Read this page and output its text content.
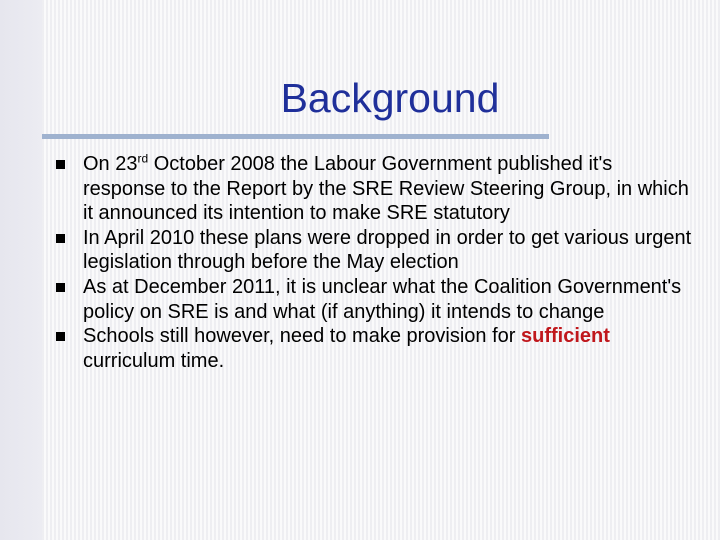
Background
On 23rd October 2008 the Labour Government published it's response to the Report by the SRE Review Steering Group, in which it announced its intention to make SRE statutory
In April 2010 these plans were dropped in order to get various urgent legislation through before the May election
As at December 2011, it is unclear what the Coalition Government's policy on SRE is and what (if anything) it intends to change
Schools still however, need to make provision for sufficient curriculum time.
